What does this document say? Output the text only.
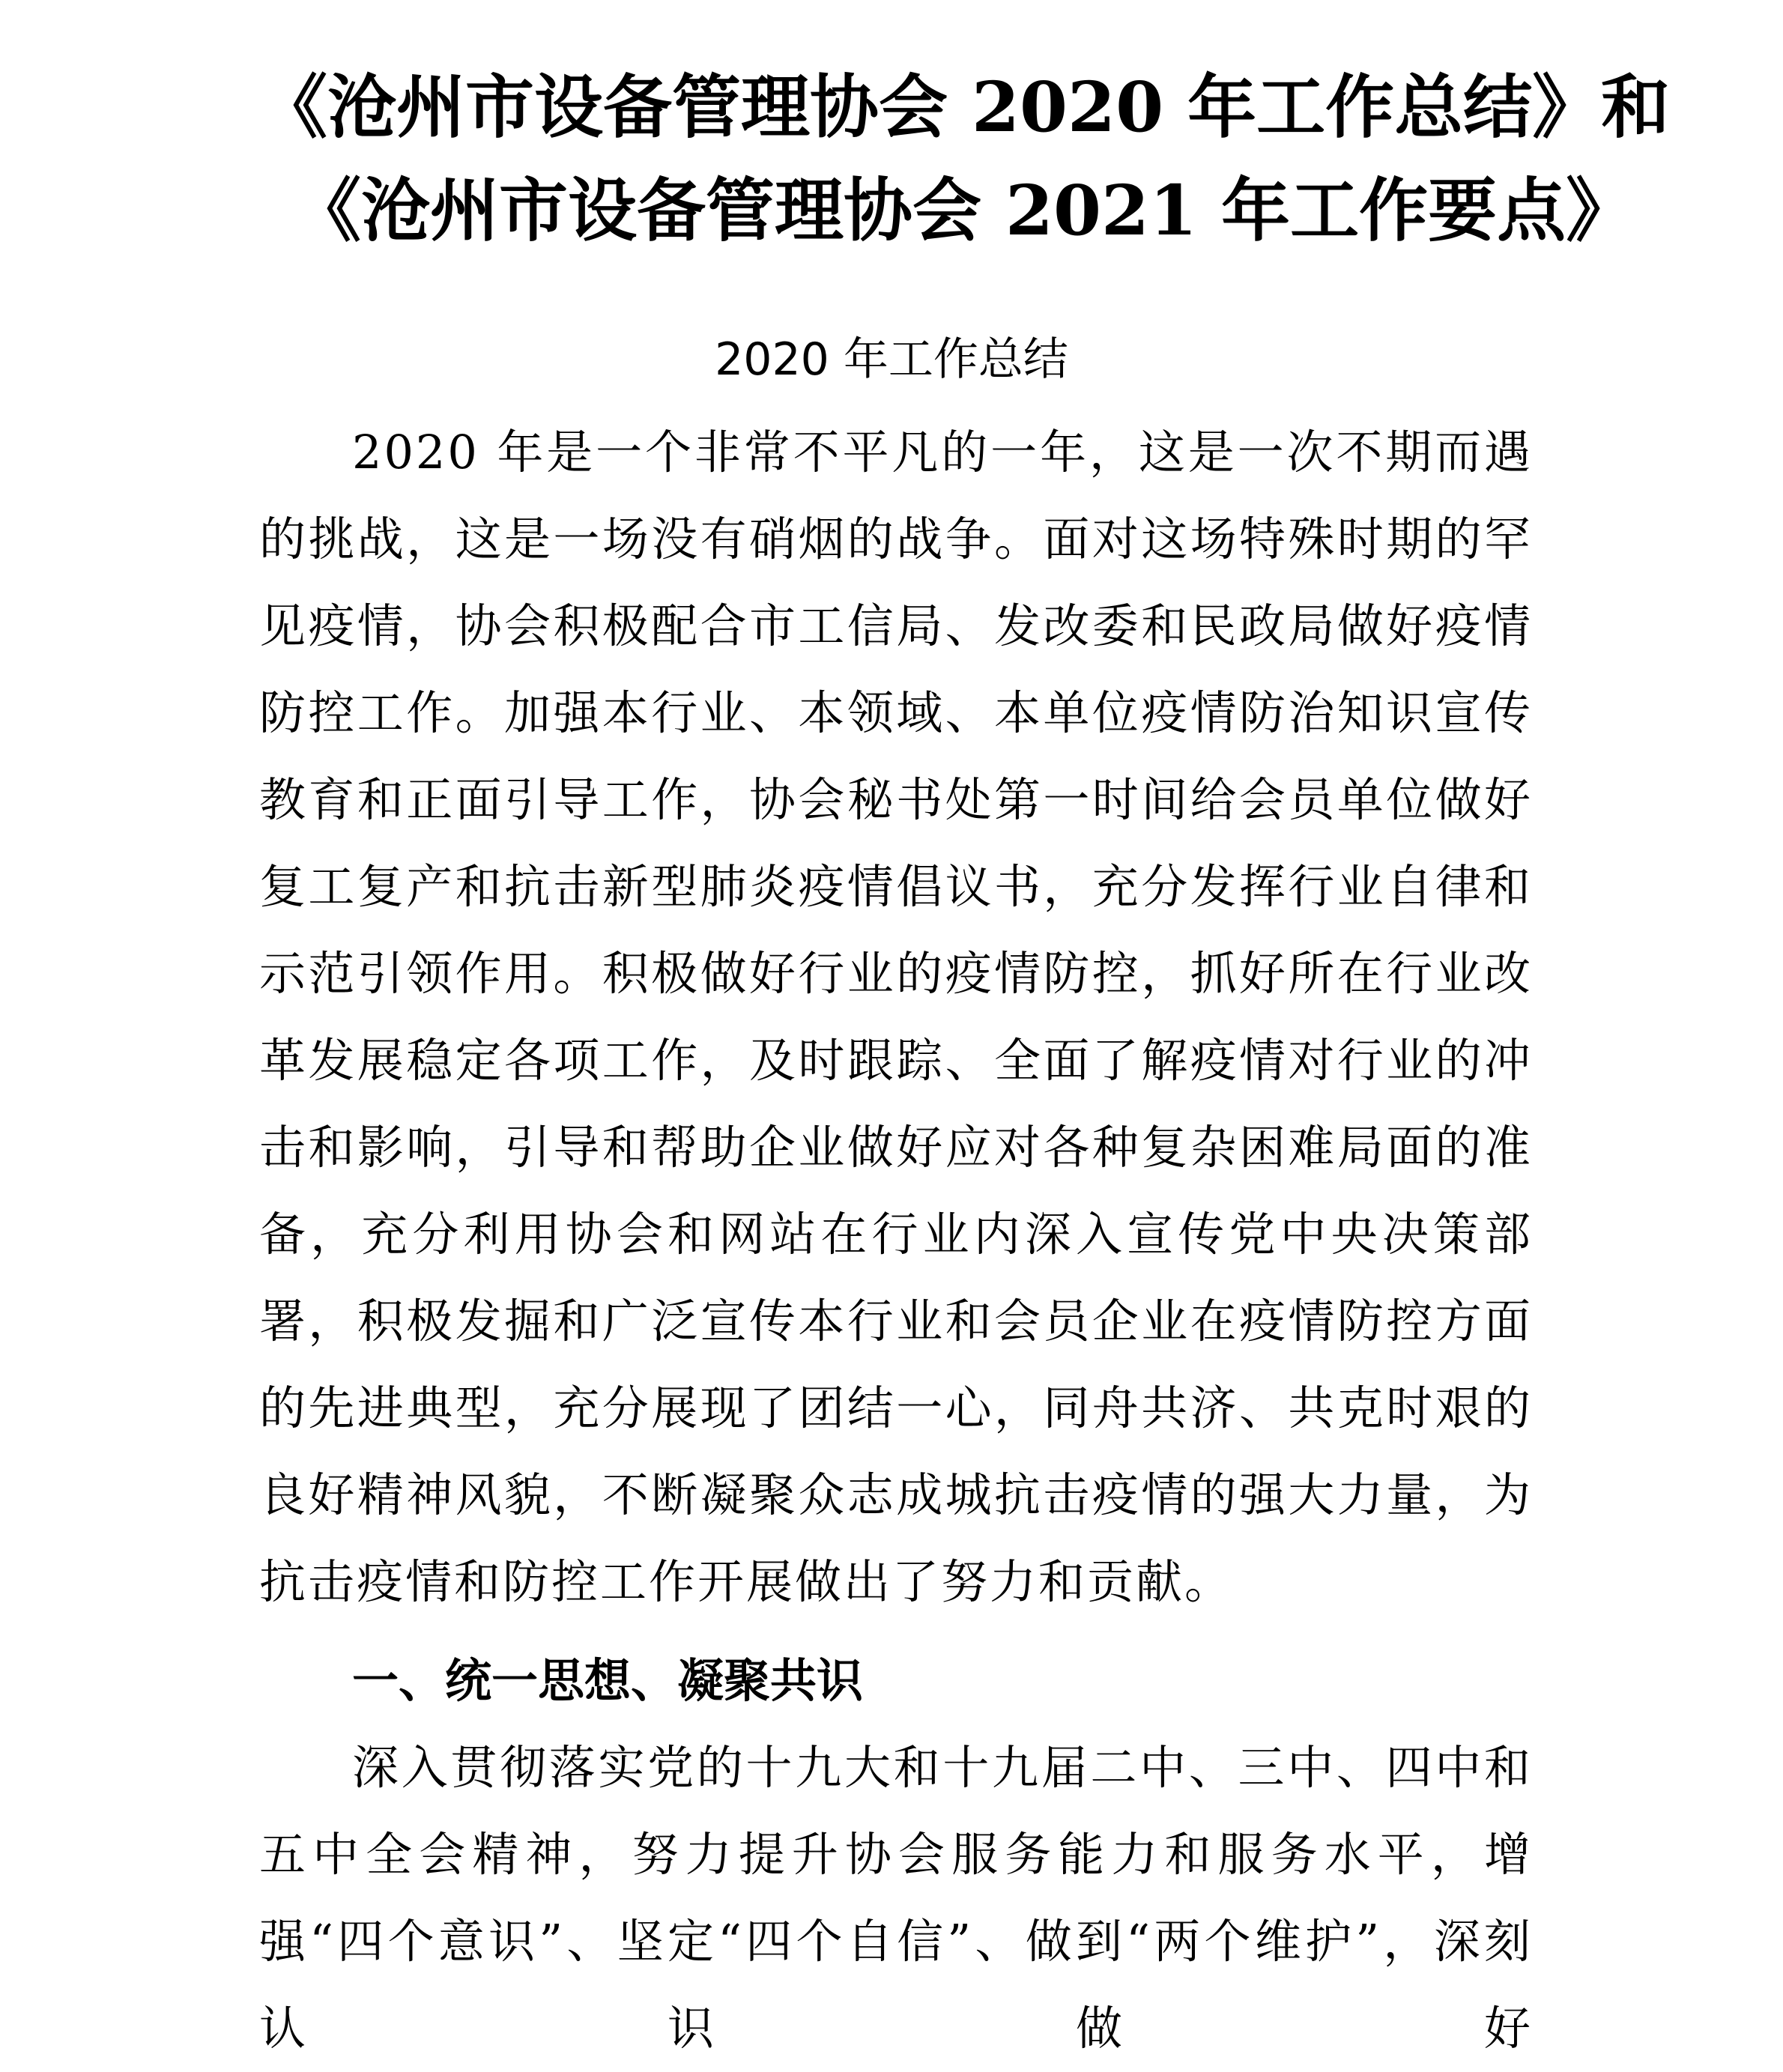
《沧州市设备管理协会 2020 年工作总结》和
《沧州市设备管理协会 2021 年工作要点》
2020 年工作总结
2020 年是一个非常不平凡的一年，这是一次不期而遇的挑战，这是一场没有硝烟的战争。面对这场特殊时期的罕见疫情，协会积极配合市工信局、发改委和民政局做好疫情防控工作。加强本行业、本领域、本单位疫情防治知识宣传教育和正面引导工作，协会秘书处第一时间给会员单位做好复工复产和抗击新型肺炎疫情倡议书，充分发挥行业自律和示范引领作用。积极做好行业的疫情防控，抓好所在行业改革发展稳定各项工作，及时跟踪、全面了解疫情对行业的冲击和影响，引导和帮助企业做好应对各种复杂困难局面的准备，充分利用协会和网站在行业内深入宣传党中央决策部署，积极发掘和广泛宣传本行业和会员企业在疫情防控方面的先进典型，充分展现了团结一心，同舟共济、共克时艰的良好精神风貌，不断凝聚众志成城抗击疫情的强大力量，为抗击疫情和防控工作开展做出了努力和贡献。
一、统一思想、凝聚共识
深入贯彻落实党的十九大和十九届二中、三中、四中和五中全会精神，努力提升协会服务能力和服务水平，增强“四个意识”、坚定“四个自信”、做到“两个维护”，深刻认识做好
